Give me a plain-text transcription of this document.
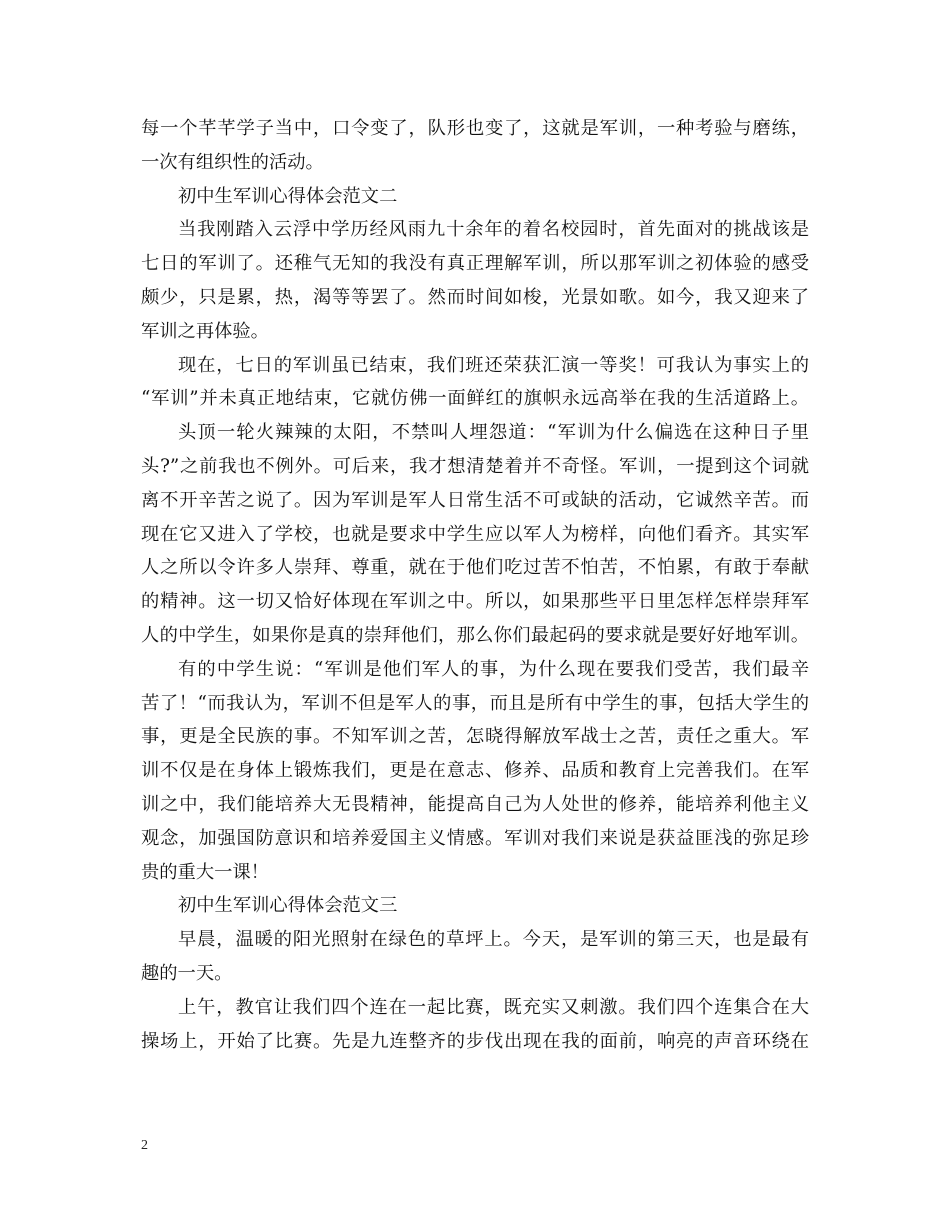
每一个芊芊学子当中，口令变了，队形也变了，这就是军训，一种考验与磨练，
一次有组织性的活动。
初中生军训心得体会范文二
当我刚踏入云浮中学历经风雨九十余年的着名校园时，首先面对的挑战该是
七日的军训了。还稚气无知的我没有真正理解军训，所以那军训之初体验的感受
颇少，只是累，热，渴等等罢了。然而时间如梭，光景如歌。如今，我又迎来了
军训之再体验。
现在，七日的军训虽已结束，我们班还荣获汇演一等奖！可我认为事实上的
“军训”并未真正地结束，它就仿佛一面鲜红的旗帜永远高举在我的生活道路上。
头顶一轮火辣辣的太阳，不禁叫人埋怨道：“军训为什么偏选在这种日子里
头?”之前我也不例外。可后来，我才想清楚着并不奇怪。军训，一提到这个词就
离不开辛苦之说了。因为军训是军人日常生活不可或缺的活动，它诚然辛苦。而
现在它又进入了学校，也就是要求中学生应以军人为榜样，向他们看齐。其实军
人之所以令许多人崇拜、尊重，就在于他们吃过苦不怕苦，不怕累，有敢于奉献
的精神。这一切又恰好体现在军训之中。所以，如果那些平日里怎样怎样崇拜军
人的中学生，如果你是真的崇拜他们，那么你们最起码的要求就是要好好地军训。
有的中学生说：“军训是他们军人的事，为什么现在要我们受苦，我们最辛
苦了！“而我认为，军训不但是军人的事，而且是所有中学生的事，包括大学生的
事，更是全民族的事。不知军训之苦，怎晓得解放军战士之苦，责任之重大。军
训不仅是在身体上锻炼我们，更是在意志、修养、品质和教育上完善我们。在军
训之中，我们能培养大无畏精神，能提高自己为人处世的修养，能培养利他主义
观念，加强国防意识和培养爱国主义情感。军训对我们来说是获益匪浅的弥足珍
贵的重大一课！
初中生军训心得体会范文三
早晨，温暖的阳光照射在绿色的草坪上。今天，是军训的第三天，也是最有
趣的一天。
上午，教官让我们四个连在一起比赛，既充实又刺激。我们四个连集合在大
操场上，开始了比赛。先是九连整齐的步伐出现在我的面前，响亮的声音环绕在
2
